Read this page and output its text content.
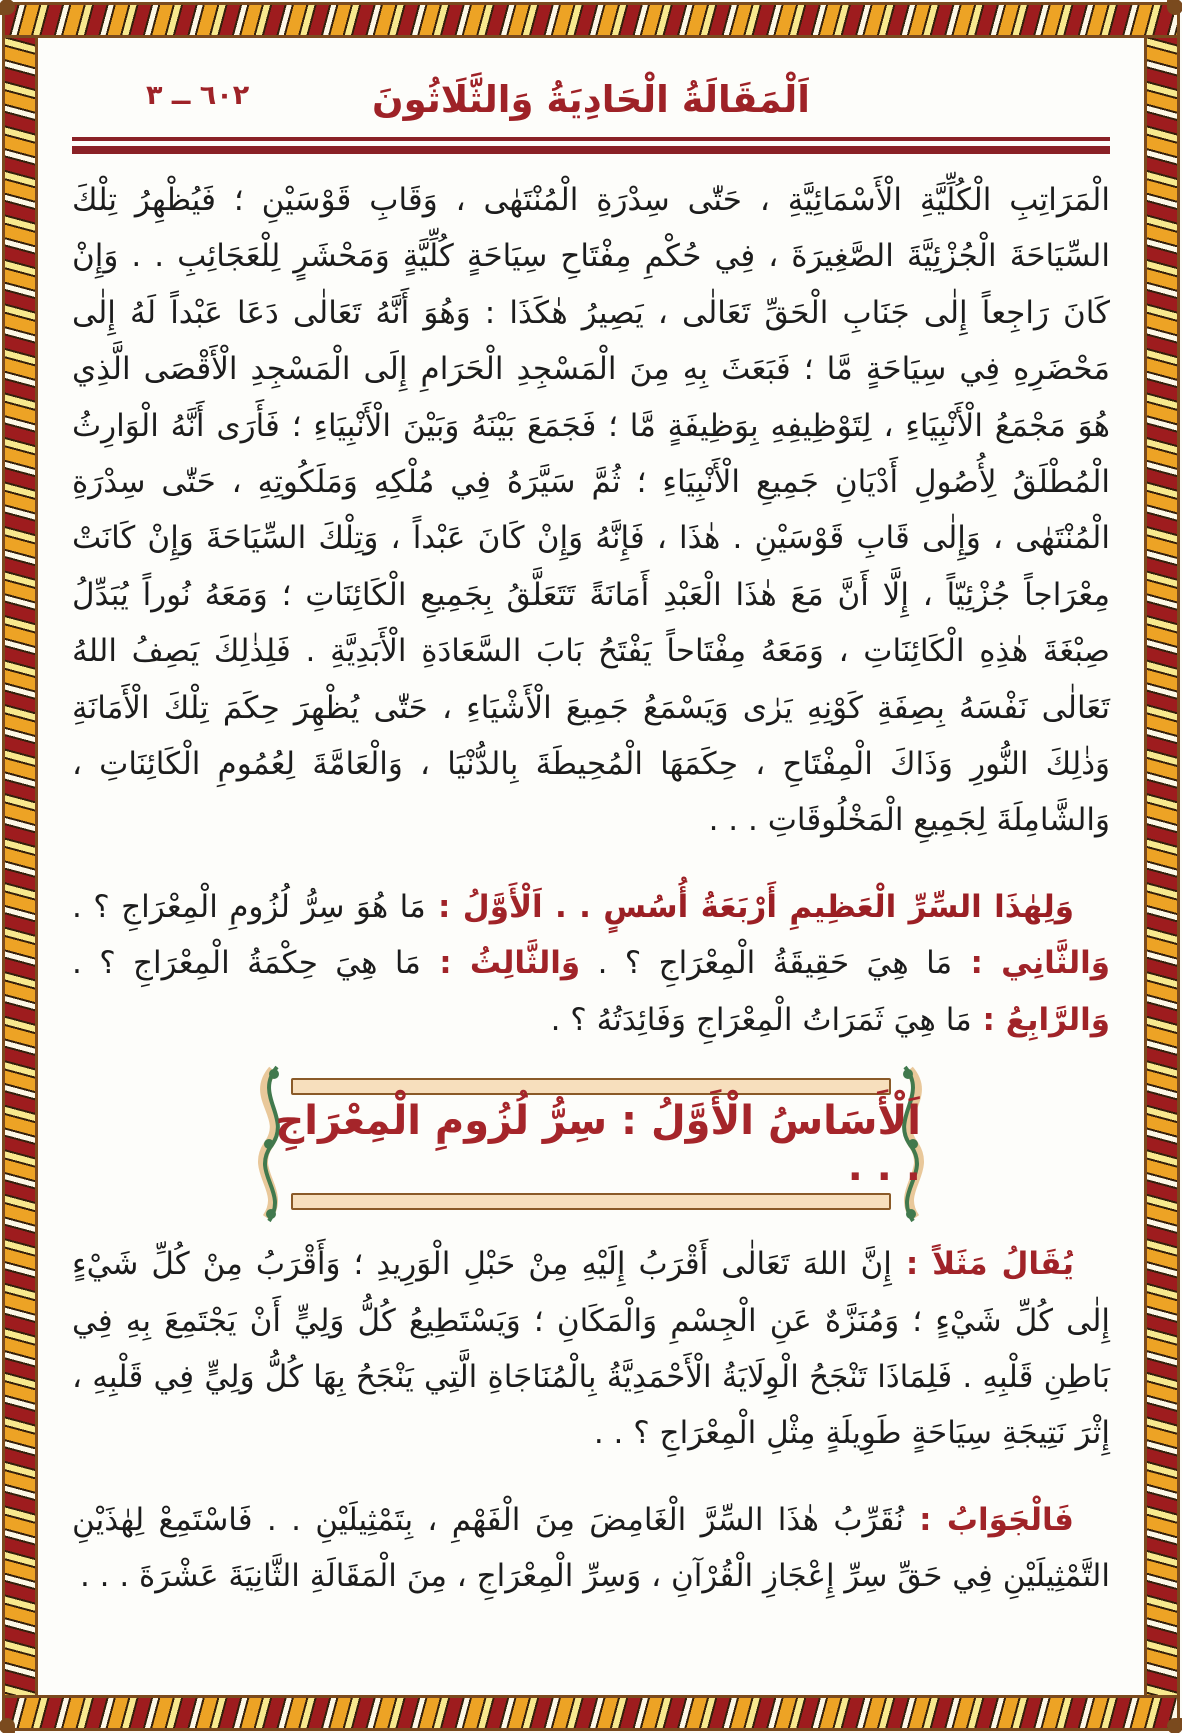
٦٠٢ ــ ٣	اَلْمَقَالَةُ الْحَادِيَةُ وَالثَّلَاثُونَ

الْمَرَاتِبِ الْكُلِّيَّةِ الْأَسْمَائِيَّةِ ، حَتّٰى سِدْرَةِ الْمُنْتَهٰى ، وَقَابِ قَوْسَيْنِ ؛ فَيُظْهِرُ تِلْكَ السِّيَاحَةَ الْجُزْئِيَّةَ الصَّغِيرَةَ ، فِي حُكْمِ مِفْتَاحِ سِيَاحَةٍ كُلِّيَّةٍ وَمَحْشَرٍ لِلْعَجَائِبِ . . وَإِنْ كَانَ رَاجِعاً إِلٰى جَنَابِ الْحَقِّ تَعَالٰى ، يَصِيرُ هٰكَذَا : وَهُوَ أَنَّهُ تَعَالٰى دَعَا عَبْداً لَهُ إِلٰى مَحْضَرِهِ فِي سِيَاحَةٍ مَّا ؛ فَبَعَثَ بِهِ مِنَ الْمَسْجِدِ الْحَرَامِ إِلَى الْمَسْجِدِ الْأَقْصَى الَّذِي هُوَ مَجْمَعُ الْأَنْبِيَاءِ ، لِتَوْظِيفِهِ بِوَظِيفَةٍ مَّا ؛ فَجَمَعَ بَيْنَهُ وَبَيْنَ الْأَنْبِيَاءِ ؛ فَأَرَى أَنَّهُ الْوَارِثُ الْمُطْلَقُ لِأُصُولِ أَدْيَانِ جَمِيعِ الْأَنْبِيَاءِ ؛ ثُمَّ سَيَّرَهُ فِي مُلْكِهِ وَمَلَكُوتِهِ ، حَتّٰى سِدْرَةِ الْمُنْتَهٰى ، وَإِلٰى قَابِ قَوْسَيْنِ . هٰذَا ، فَإِنَّهُ وَإِنْ كَانَ عَبْداً ، وَتِلْكَ السِّيَاحَةَ وَإِنْ كَانَتْ مِعْرَاجاً جُزْئِيّاً ، إِلَّا أَنَّ مَعَ هٰذَا الْعَبْدِ أَمَانَةً تَتَعَلَّقُ بِجَمِيعِ الْكَائِنَاتِ ؛ وَمَعَهُ نُوراً يُبَدِّلُ صِبْغَةَ هٰذِهِ الْكَائِنَاتِ ، وَمَعَهُ مِفْتَاحاً يَفْتَحُ بَابَ السَّعَادَةِ الْأَبَدِيَّةِ . فَلِذٰلِكَ يَصِفُ اللهُ تَعَالٰى نَفْسَهُ بِصِفَةِ كَوْنِهِ يَرٰى وَيَسْمَعُ جَمِيعَ الْأَشْيَاءِ ، حَتّٰى يُظْهِرَ حِكَمَ تِلْكَ الْأَمَانَةِ وَذٰلِكَ النُّورِ وَذَاكَ الْمِفْتَاحِ ، حِكَمَهَا الْمُحِيطَةَ بِالدُّنْيَا ، وَالْعَامَّةَ لِعُمُومِ الْكَائِنَاتِ ، وَالشَّامِلَةَ لِجَمِيعِ الْمَخْلُوقَاتِ . . .

وَلِهٰذَا السِّرِّ الْعَظِيمِ أَرْبَعَةُ أُسُسٍ . . اَلْأَوَّلُ : مَا هُوَ سِرُّ لُزُومِ الْمِعْرَاجِ ؟ . وَالثَّانِي : مَا هِيَ حَقِيقَةُ الْمِعْرَاجِ ؟ . وَالثَّالِثُ : مَا هِيَ حِكْمَةُ الْمِعْرَاجِ ؟ . وَالرَّابِعُ : مَا هِيَ ثَمَرَاتُ الْمِعْرَاجِ وَفَائِدَتُهُ ؟ .

اَلْأَسَاسُ الْأَوَّلُ : سِرُّ لُزُومِ الْمِعْرَاجِ . . .

يُقَالُ مَثَلاً : إِنَّ اللهَ تَعَالٰى أَقْرَبُ إِلَيْهِ مِنْ حَبْلِ الْوَرِيدِ ؛ وَأَقْرَبُ مِنْ كُلِّ شَيْءٍ إِلٰى كُلِّ شَيْءٍ ؛ وَمُنَزَّهٌ عَنِ الْجِسْمِ وَالْمَكَانِ ؛ وَيَسْتَطِيعُ كُلُّ وَلِيٍّ أَنْ يَجْتَمِعَ بِهِ فِي بَاطِنِ قَلْبِهِ . فَلِمَاذَا تَنْجَحُ الْوِلَايَةُ الْأَحْمَدِيَّةُ بِالْمُنَاجَاةِ الَّتِي يَنْجَحُ بِهَا كُلُّ وَلِيٍّ فِي قَلْبِهِ ، إِثْرَ نَتِيجَةِ سِيَاحَةٍ طَوِيلَةٍ مِثْلِ الْمِعْرَاجِ ؟ . .

فَالْجَوَابُ : نُقَرِّبُ هٰذَا السِّرَّ الْغَامِضَ مِنَ الْفَهْمِ ، بِتَمْثِيلَيْنِ . . فَاسْتَمِعْ لِهٰذَيْنِ التَّمْثِيلَيْنِ فِي حَقِّ سِرِّ إِعْجَازِ الْقُرْآنِ ، وَسِرِّ الْمِعْرَاجِ ، مِنَ الْمَقَالَةِ الثَّانِيَةَ عَشْرَةَ . . .
